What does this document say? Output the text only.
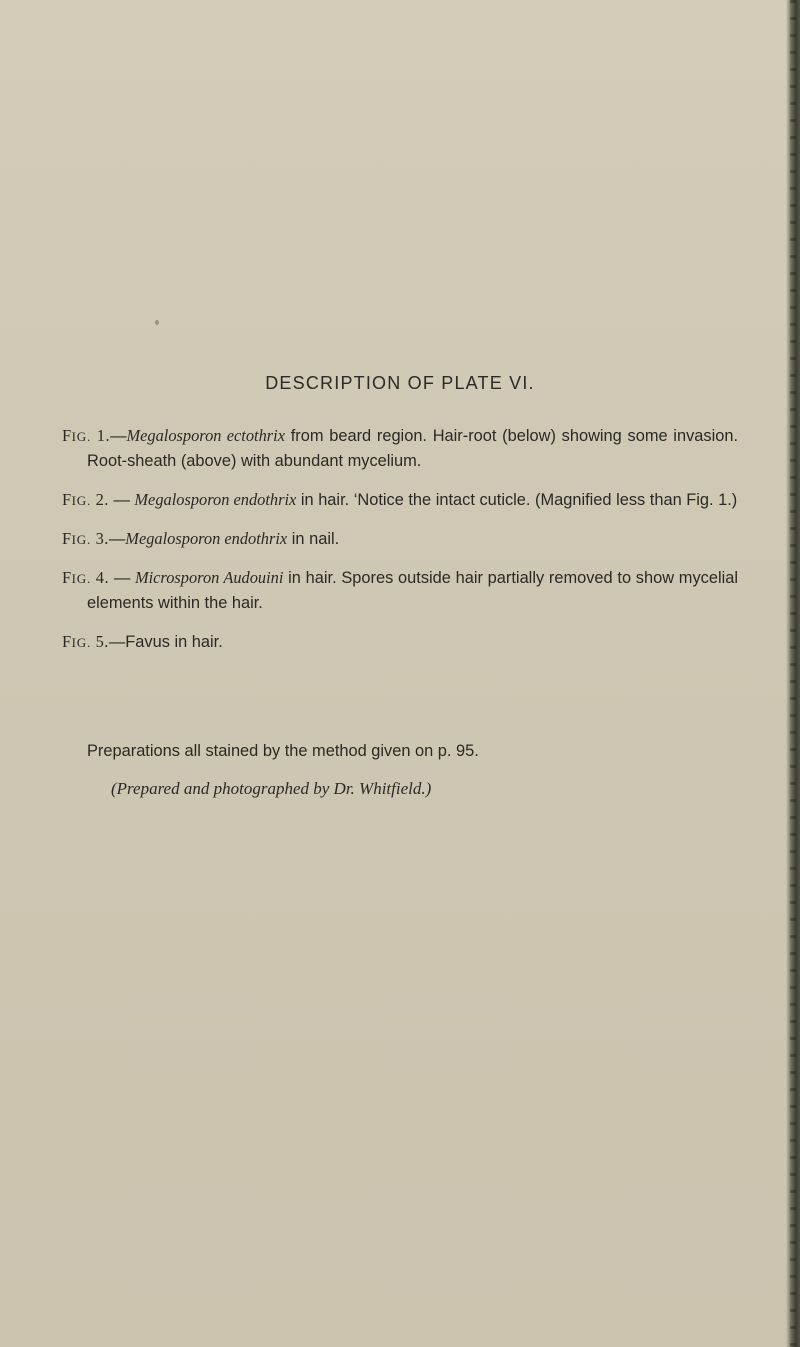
DESCRIPTION OF PLATE VI.

FIG. 1.—Megalosporon ectothrix from beard region. Hair-root (below) showing some invasion. Root-sheath (above) with abundant mycelium.

FIG. 2. — Megalosporon endothrix in hair. ‘Notice the intact cuticle. (Magnified less than Fig. 1.)

FIG. 3.—Megalosporon endothrix in nail.

FIG. 4. — Microsporon Audouini in hair. Spores outside hair partially removed to show mycelial elements within the hair.

FIG. 5.—Favus in hair.

Preparations all stained by the method given on p. 95.
(Prepared and photographed by Dr. Whitfield.)
